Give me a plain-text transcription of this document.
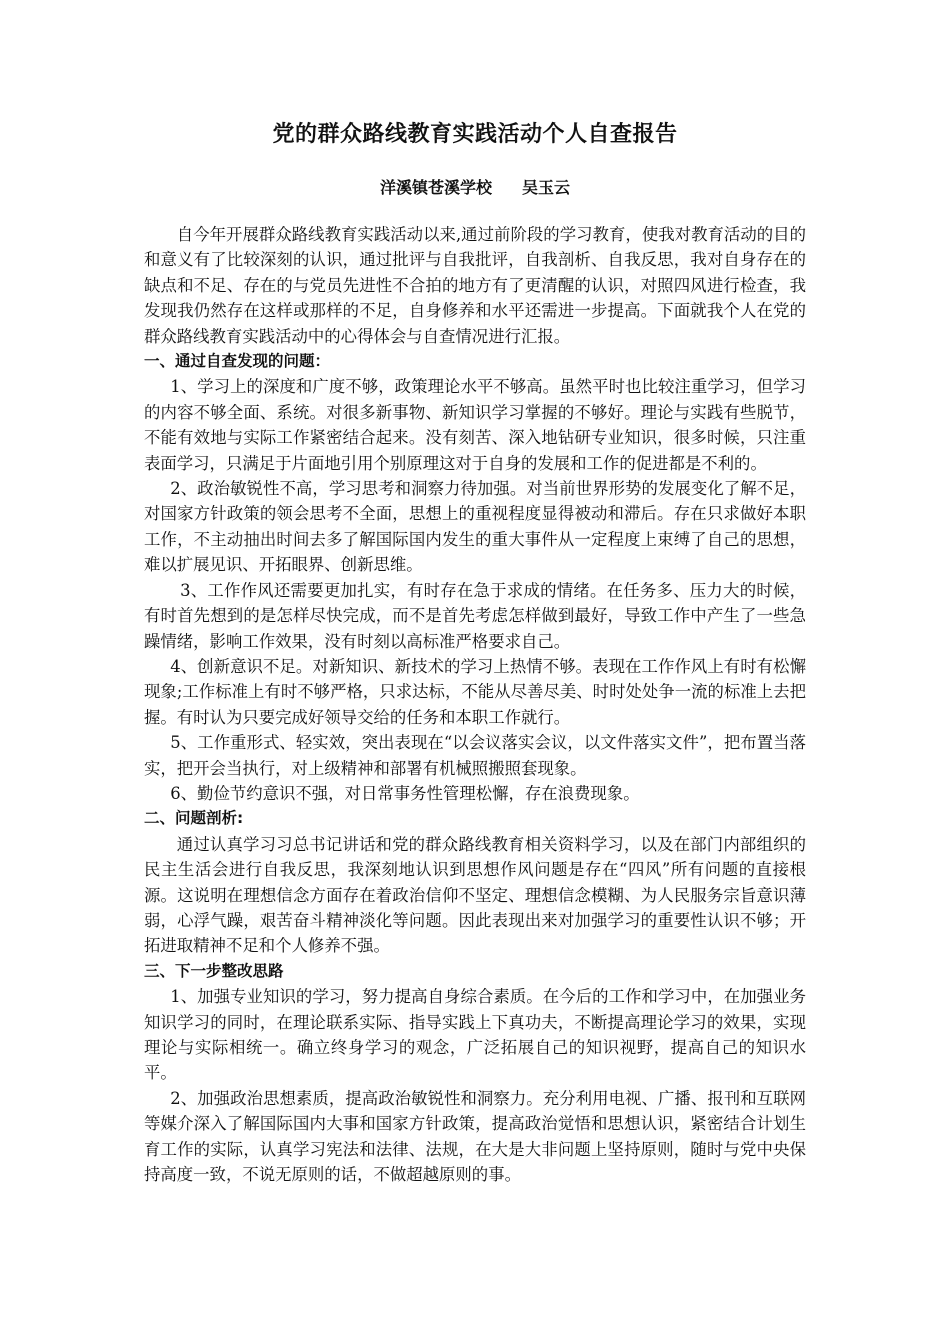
党的群众路线教育实践活动个人自查报告
洋溪镇苍溪学校 吴玉云

自今年开展群众路线教育实践活动以来,通过前阶段的学习教育，使我对教育活动的目的和意义有了比较深刻的认识，通过批评与自我批评，自我剖析、自我反思，我对自身存在的缺点和不足、存在的与党员先进性不合拍的地方有了更清醒的认识，对照四风进行检查，我发现我仍然存在这样或那样的不足，自身修养和水平还需进一步提高。下面就我个人在党的群众路线教育实践活动中的心得体会与自查情况进行汇报。

一、通过自查发现的问题：

1、学习上的深度和广度不够，政策理论水平不够高。虽然平时也比较注重学习，但学习的内容不够全面、系统。对很多新事物、新知识学习掌握的不够好。理论与实践有些脱节，不能有效地与实际工作紧密结合起来。没有刻苦、深入地钻研专业知识，很多时候，只注重表面学习，只满足于片面地引用个别原理这对于自身的发展和工作的促进都是不利的。

2、政治敏锐性不高，学习思考和洞察力待加强。对当前世界形势的发展变化了解不足，对国家方针政策的领会思考不全面，思想上的重视程度显得被动和滞后。存在只求做好本职工作，不主动抽出时间去多了解国际国内发生的重大事件从一定程度上束缚了自己的思想，难以扩展见识、开拓眼界、创新思维。

3、工作作风还需要更加扎实，有时存在急于求成的情绪。在任务多、压力大的时候，有时首先想到的是怎样尽快完成，而不是首先考虑怎样做到最好，导致工作中产生了一些急躁情绪，影响工作效果，没有时刻以高标准严格要求自己。

4、创新意识不足。对新知识、新技术的学习上热情不够。表现在工作作风上有时有松懈现象;工作标准上有时不够严格，只求达标，不能从尽善尽美、时时处处争一流的标准上去把握。有时认为只要完成好领导交给的任务和本职工作就行。

5、工作重形式、轻实效，突出表现在“以会议落实会议，以文件落实文件”，把布置当落实，把开会当执行，对上级精神和部署有机械照搬照套现象。

6、勤俭节约意识不强，对日常事务性管理松懈，存在浪费现象。

二、问题剖析:

通过认真学习习总书记讲话和党的群众路线教育相关资料学习，以及在部门内部组织的民主生活会进行自我反思，我深刻地认识到思想作风问题是存在“四风”所有问题的直接根源。这说明在理想信念方面存在着政治信仰不坚定、理想信念模糊、为人民服务宗旨意识薄弱，心浮气躁，艰苦奋斗精神淡化等问题。因此表现出来对加强学习的重要性认识不够；开拓进取精神不足和个人修养不强。

三、下一步整改思路

1、加强专业知识的学习，努力提高自身综合素质。在今后的工作和学习中，在加强业务知识学习的同时，在理论联系实际、指导实践上下真功夫，不断提高理论学习的效果，实现理论与实际相统一。确立终身学习的观念，广泛拓展自己的知识视野，提高自己的知识水平。

2、加强政治思想素质，提高政治敏锐性和洞察力。充分利用电视、广播、报刊和互联网等媒介深入了解国际国内大事和国家方针政策，提高政治觉悟和思想认识，紧密结合计划生育工作的实际，认真学习宪法和法律、法规，在大是大非问题上坚持原则，随时与党中央保持高度一致，不说无原则的话，不做超越原则的事。
